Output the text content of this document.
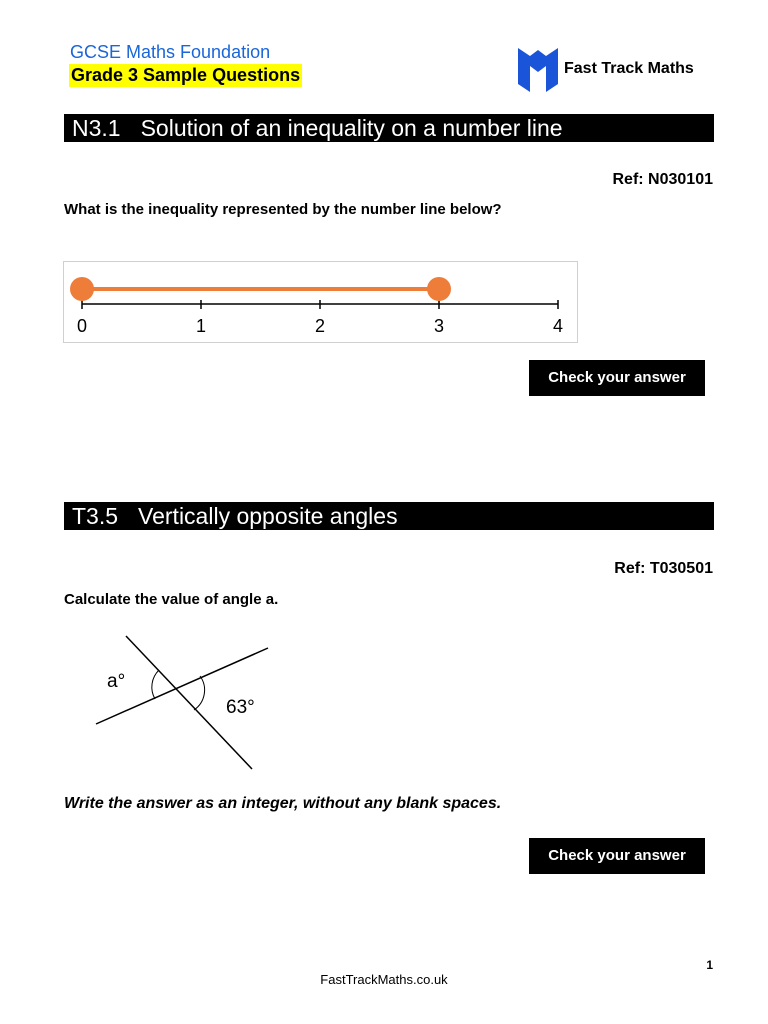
GCSE Maths Foundation
Grade 3 Sample Questions	Fast Track Maths
N3.1 Solution of an inequality on a number line
Ref: N030101
What is the inequality represented by the number line below?
0	1	2	3	4
Check your answer
T3.5 Vertically opposite angles
Ref: T030501
Calculate the value of angle a.
a°
63°
Write the answer as an integer, without any blank spaces.
Check your answer
1
FastTrackMaths.co.uk
